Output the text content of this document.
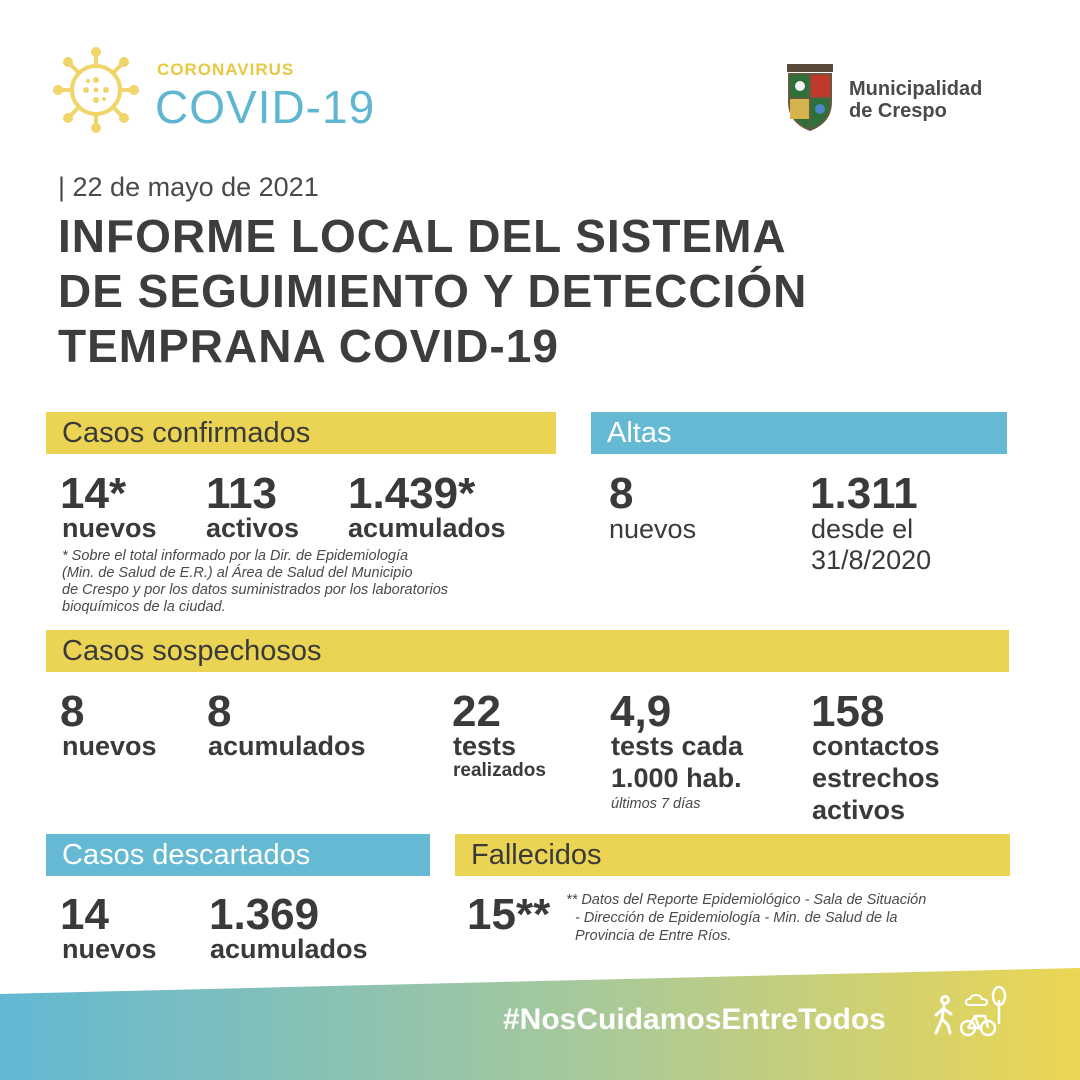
CORONAVIRUS
COVID-19	Municipalidad
de Crespo
| 22 de mayo de 2021
INFORME LOCAL DEL SISTEMA
DE SEGUIMIENTO Y DETECCIÓN
TEMPRANA COVID-19
Casos confirmados
14*
nuevos
113
activos
1.439*
acumulados
* Sobre el total informado por la Dir. de Epidemiología
(Min. de Salud de E.R.) al Área de Salud del Municipio
de Crespo y por los datos suministrados por los laboratorios
bioquímicos de la ciudad.
Altas
8
nuevos
1.311
desde el
31/8/2020
Casos sospechosos
8
nuevos
8
acumulados
22
tests
realizados
4,9
tests cada
1.000 hab.
últimos 7 días
158
contactos
estrechos
activos
Casos descartados
14
nuevos
1.369
acumulados
Fallecidos
15** ** Datos del Reporte Epidemiológico - Sala de Situación
- Dirección de Epidemiología - Min. de Salud de la
Provincia de Entre Ríos.
#NosCuidamosEntreTodos
